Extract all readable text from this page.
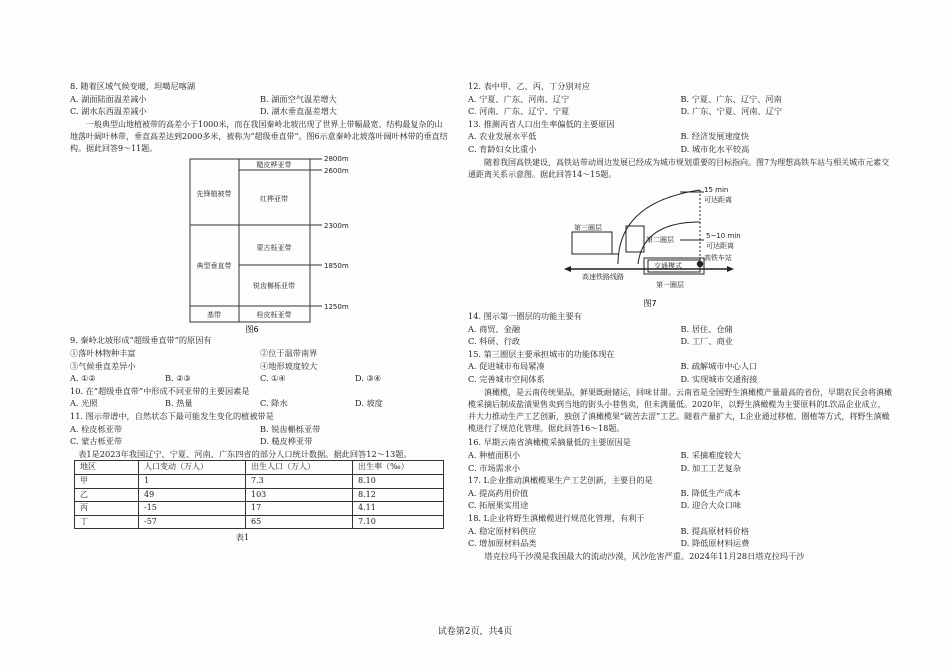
8. 随着区域气候变暖，坦噶尼喀湖

A. 湖面陆面温差减小	B. 湖面空气温差增大
C. 湖水东西温差减小	D. 湖水垂直温差增大

一般典型山地植被带的高差小于1000米，而在我国秦岭北坡出现了世界上带幅最宽、结构最复杂的山地落叶阔叶林带，垂直高差达到2000多米，被称为“超级垂直带”。图6示意秦岭北坡落叶阔叶林带的垂直结构。据此回答9～11题。

先锋植被带
典型垂直带
基带
糙皮桦亚带
红桦亚带
蒙古栎亚带
锐齿槲栎亚带
栓皮栎亚带
2800m
2600m
2300m
1850m
1250m
图6

9. 秦岭北坡形成“超级垂直带”的原因有

①落叶林物种丰富	②位于温带南界
③气候垂直差异小	④地形坡度较大
A. ①②	B. ②③	C. ①④	D. ③④

10. 在“超级垂直带”中形成不同亚带的主要因素是

A. 光照	B. 热量	C. 降水	D. 坡度

11. 图示带谱中，自然状态下最可能发生变化的植被带是

A. 栓皮栎亚带	B. 锐齿槲栎亚带
C. 蒙古栎亚带	D. 糙皮桦亚带

表1是2023年我国辽宁、宁夏、河南、广东四省的部分人口统计数据。据此回答12～13题。

地区	人口变动（万人）	出生人口（万人）	出生率（‰）
甲	1	7.3	8.10
乙	49	103	8.12
丙	-15	17	4.11
丁	-57	65	7.10

表1

12. 表中甲、乙、丙、丁分别对应

A. 宁夏、广东、河南、辽宁	B. 宁夏、广东、辽宁、河南
C. 河南、广东、辽宁、宁夏	D. 广东、宁夏、河南、辽宁

13. 推测丙省人口出生率偏低的主要原因

A. 农业发展水平低	B. 经济发展速度快
C. 育龄妇女比重小	D. 城市化水平较高

随着我国高铁建设，高铁站带动周边发展已经成为城市规划重要的目标指向。图7为理想高铁车站与相关城市元素交通距离关系示意图。据此回答14～15题。

第三圈层
第二圈层
第一圈层
15 min
可达距离
5~10 min
可达距离
高铁车站
交通模式
高速铁路线路
图7

14. 图示第一圈层的功能主要有

A. 商贸、金融	B. 居住、仓储
C. 科研、行政	D. 工厂、商业

15. 第三圈层主要承担城市的功能体现在

A. 促进城市布局紧凑	B. 疏解城市中心人口
C. 完善城市空间体系	D. 实现城市交通衔接

滇橄榄，是云南传统果品，鲜果既耐储运，回味甘甜。云南省是全国野生滇橄榄产量最高的省份，早期农民会将滇橄榄采摘后制成盐渍果售卖到当地的街头小巷售卖，但未满量低。2020年，以野生滇橄榄为主要原料的L饮品企业成立，并大力推动生产工艺创新，独创了滇橄榄果“破苦去涩”工艺。随着产量扩大，L企业通过移植、圈植等方式，将野生滇橄榄进行了规范化管理。据此回答16～18题。

16. 早期云南省滇橄榄采摘量低的主要原因是

A. 种植面积小	B. 采摘难度较大
C. 市场需求小	D. 加工工艺复杂

17. L企业推动滇橄榄果生产工艺创新，主要目的是

A. 提高药用价值	B. 降低生产成本
C. 拓展果实用途	D. 迎合大众口味

18. L企业将野生滇橄榄进行规范化管理，有利于

A. 稳定原材料供应	B. 提高原材料价格
C. 增加原材料品类	D. 降低原材料运费

塔克拉玛干沙漠是我国最大的流动沙漠，风沙危害严重。2024年11月28日塔克拉玛干沙

试卷第2页，共4页
